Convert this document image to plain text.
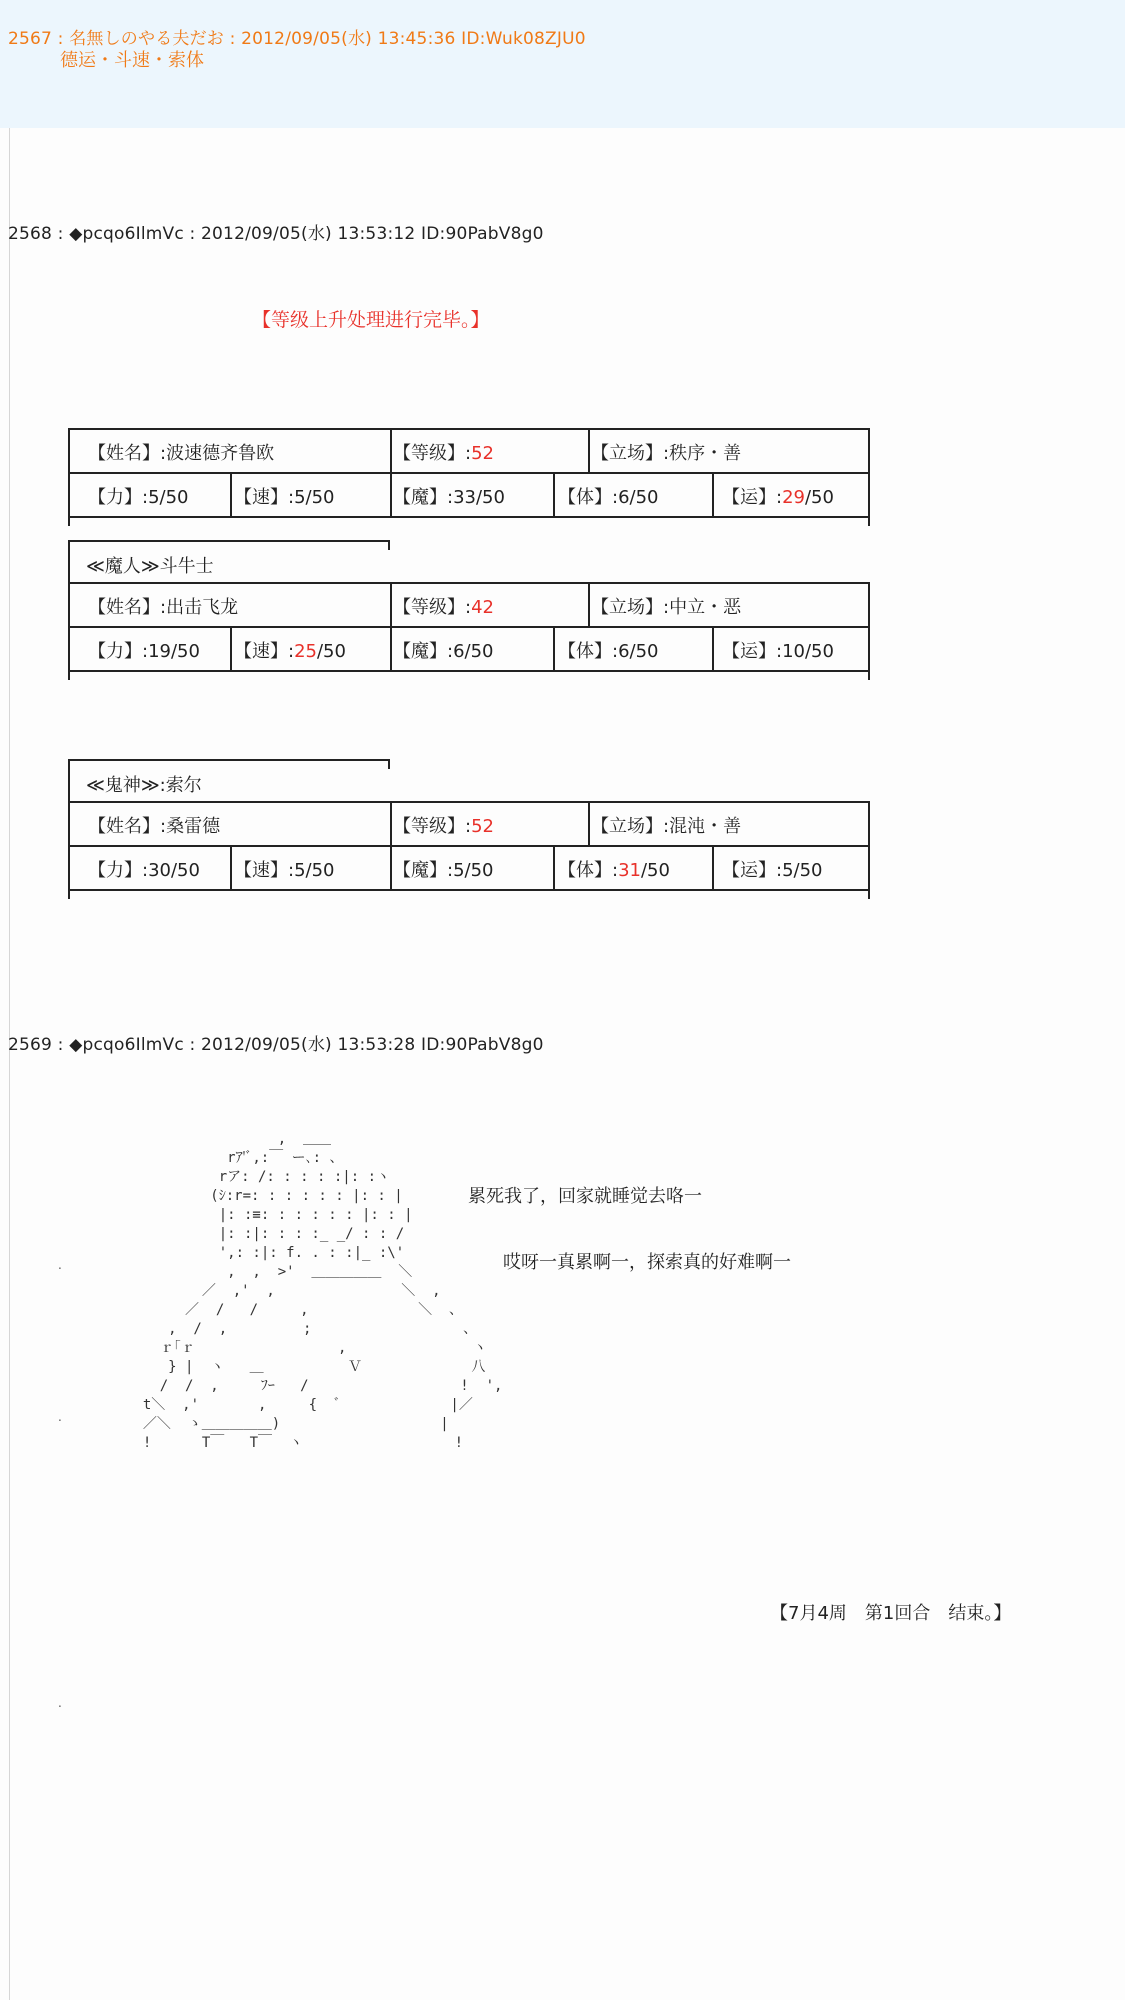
2567 : 名無しのやる夫だお : 2012/09/05(水) 13:45:36 ID:Wuk08ZJU0
德运・斗速・索体
2568 : ◆pcqo6IlmVc : 2012/09/05(水) 13:53:12 ID:90PabV8g0
【等级上升处理进行完毕。】
【姓名】:波速德齐鲁欧	【等级】:52	【立场】:秩序・善
【力】:5/50	【速】:5/50	【魔】:33/50	【体】:6/50	【运】:29/50
≪魔人≫斗牛士
【姓名】:出击飞龙	【等级】:42	【立场】:中立・恶
【力】:19/50 【速】:25/50	【魔】:6/50	【体】:6/50	【运】:10/50
≪鬼神≫:索尔
【姓名】:桑雷德	【等级】:52	【立场】:混沌・善
【力】:30/50 【速】:5/50	【魔】:5/50	【体】:31/50	【运】:5/50
2569 : ◆pcqo6IlmVc : 2012/09/05(水) 13:53:28 ID:90PabV8g0
,  ＿＿
rｱ'ﾞ,:￣ ー､: 、
rア: /: : : : :|: :ヽ
(ｼ:r=: : : : : : |: : |
|: :≡: : : : : : |: : |
|: :|: : : :_ _/ : : /
',: :|: f. . : :|_ :\'
,  ,  >'  ＿＿＿＿＿  ＼
／  ,'  ,               ＼  ,
／  /   /     ,             ＼  、
,  /  ,         ;                  、
ｒ｢ｒ                 ,               ヽ
} |  ヽ   ＿          Ｖ             八
/  /  ,     ﾌｰ   /                  !  ',
t＼  ,'       ,     {  ﾞ             |／
／＼  ゝ＿＿＿＿＿)                   |
!      T￣   T￣  ヽ                  !
累死我了，回家就睡觉去咯一
哎呀一真累啊一，探索真的好难啊一
【7月4周　第1回合　结束。】
.
.
.
